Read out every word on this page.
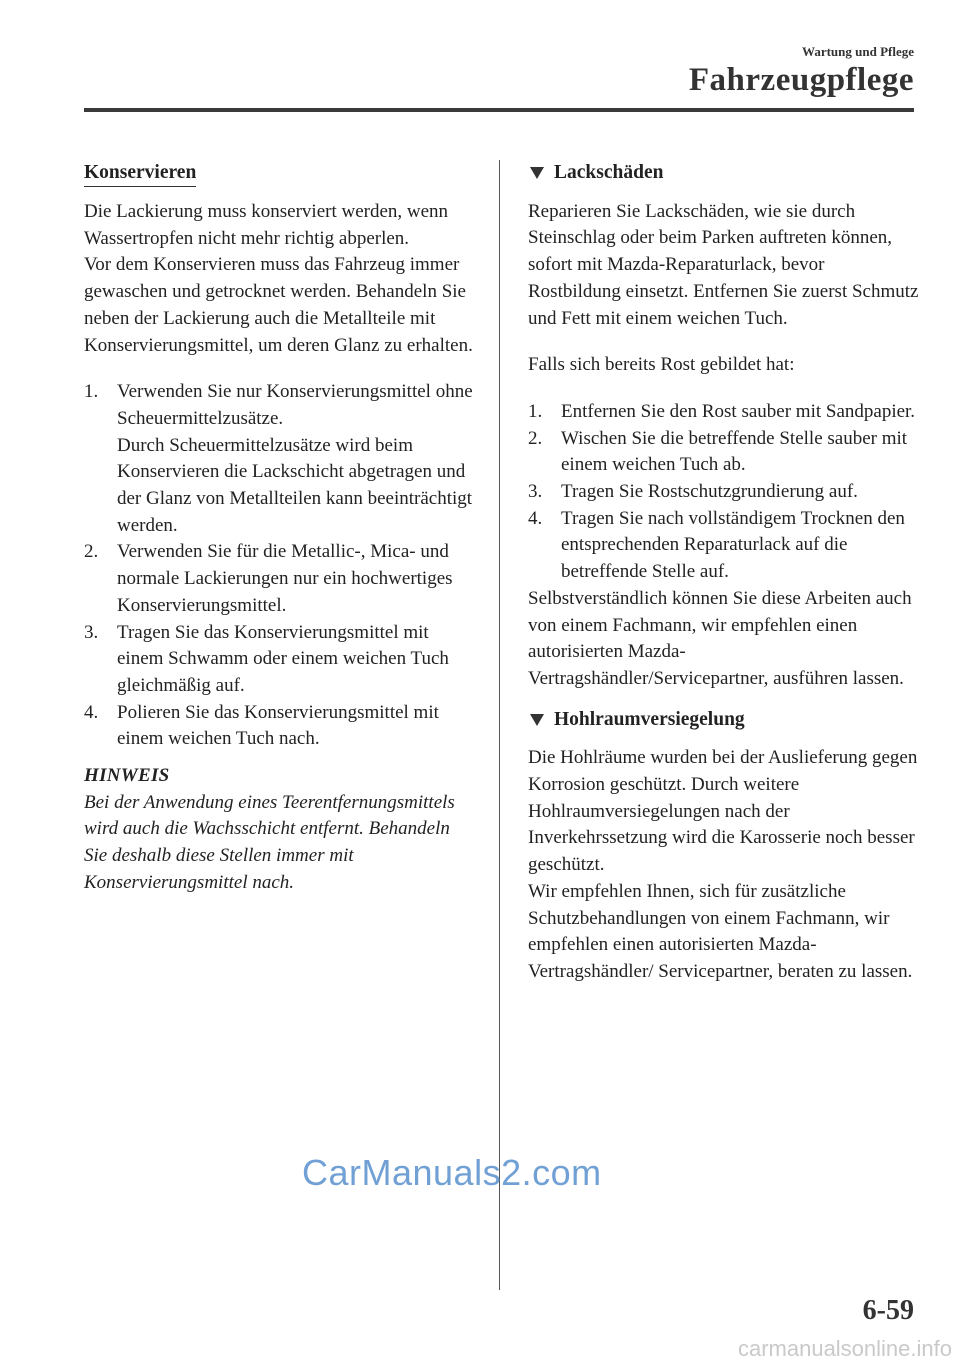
Wartung und Pflege
Fahrzeugpflege
Konservieren

Die Lackierung muss konserviert werden, wenn Wassertropfen nicht mehr richtig abperlen.

Vor dem Konservieren muss das Fahrzeug immer gewaschen und getrocknet werden. Behandeln Sie neben der Lackierung auch die Metallteile mit Konservierungsmittel, um deren Glanz zu erhalten.

1. Verwenden Sie nur Konservierungsmittel ohne Scheuermittelzusätze.
Durch Scheuermittelzusätze wird beim Konservieren die Lackschicht abgetragen und der Glanz von Metallteilen kann beeinträchtigt werden.
2. Verwenden Sie für die Metallic-, Mica- und normale Lackierungen nur ein hochwertiges Konservierungsmittel.
3. Tragen Sie das Konservierungsmittel mit einem Schwamm oder einem weichen Tuch gleichmäßig auf.
4. Polieren Sie das Konservierungsmittel mit einem weichen Tuch nach.
HINWEIS
Bei der Anwendung eines Teerentfernungsmittels wird auch die Wachsschicht entfernt. Behandeln Sie deshalb diese Stellen immer mit Konservierungsmittel nach.
Lackschäden

Reparieren Sie Lackschäden, wie sie durch Steinschlag oder beim Parken auftreten können, sofort mit Mazda-Reparaturlack, bevor Rostbildung einsetzt. Entfernen Sie zuerst Schmutz und Fett mit einem weichen Tuch.

Falls sich bereits Rost gebildet hat:

1. Entfernen Sie den Rost sauber mit Sandpapier.
2. Wischen Sie die betreffende Stelle sauber mit einem weichen Tuch ab.
3. Tragen Sie Rostschutzgrundierung auf.
4. Tragen Sie nach vollständigem Trocknen den entsprechenden Reparaturlack auf die betreffende Stelle auf.

Selbstverständlich können Sie diese Arbeiten auch von einem Fachmann, wir empfehlen einen autorisierten Mazda-Vertragshändler/Servicepartner, ausführen lassen.

Hohlraumversiegelung

Die Hohlräume wurden bei der Auslieferung gegen Korrosion geschützt. Durch weitere Hohlraumversiegelungen nach der Inverkehrssetzung wird die Karosserie noch besser geschützt.

Wir empfehlen Ihnen, sich für zusätzliche Schutzbehandlungen von einem Fachmann, wir empfehlen einen autorisierten Mazda-Vertragshändler/ Servicepartner, beraten zu lassen.

CarManuals2.com
6-59
carmanualsonline.info
